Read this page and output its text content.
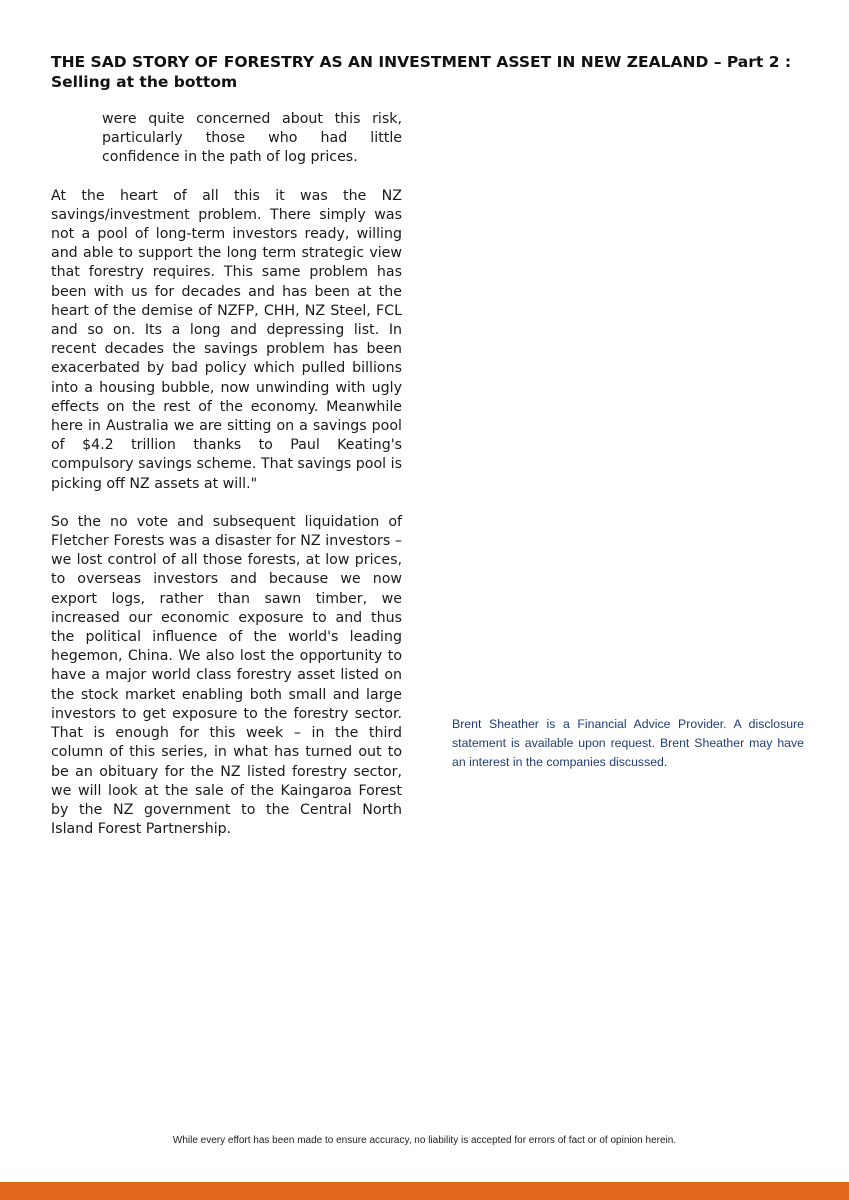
THE SAD STORY OF FORESTRY AS AN INVESTMENT ASSET IN NEW ZEALAND – Part 2 : Selling at the bottom

were quite concerned about this risk, particularly those who had little confidence in the path of log prices.

At the heart of all this it was the NZ savings/investment problem. There simply was not a pool of long-term investors ready, willing and able to support the long term strategic view that forestry requires. This same problem has been with us for decades and has been at the heart of the demise of NZFP, CHH, NZ Steel, FCL and so on. Its a long and depressing list. In recent decades the savings problem has been exacerbated by bad policy which pulled billions into a housing bubble, now unwinding with ugly effects on the rest of the economy. Meanwhile here in Australia we are sitting on a savings pool of $4.2 trillion thanks to Paul Keating's compulsory savings scheme. That savings pool is picking off NZ assets at will."

So the no vote and subsequent liquidation of Fletcher Forests was a disaster for NZ investors – we lost control of all those forests, at low prices, to overseas investors and because we now export logs, rather than sawn timber, we increased our economic exposure to and thus the political influence of the world's leading hegemon, China. We also lost the opportunity to have a major world class forestry asset listed on the stock market enabling both small and large investors to get exposure to the forestry sector. That is enough for this week – in the third column of this series, in what has turned out to be an obituary for the NZ listed forestry sector, we will look at the sale of the Kaingaroa Forest by the NZ government to the Central North Island Forest Partnership.

Brent Sheather is a Financial Advice Provider. A disclosure statement is available upon request. Brent Sheather may have an interest in the companies discussed.
While every effort has been made to ensure accuracy, no liability is accepted for errors of fact or of opinion herein.
